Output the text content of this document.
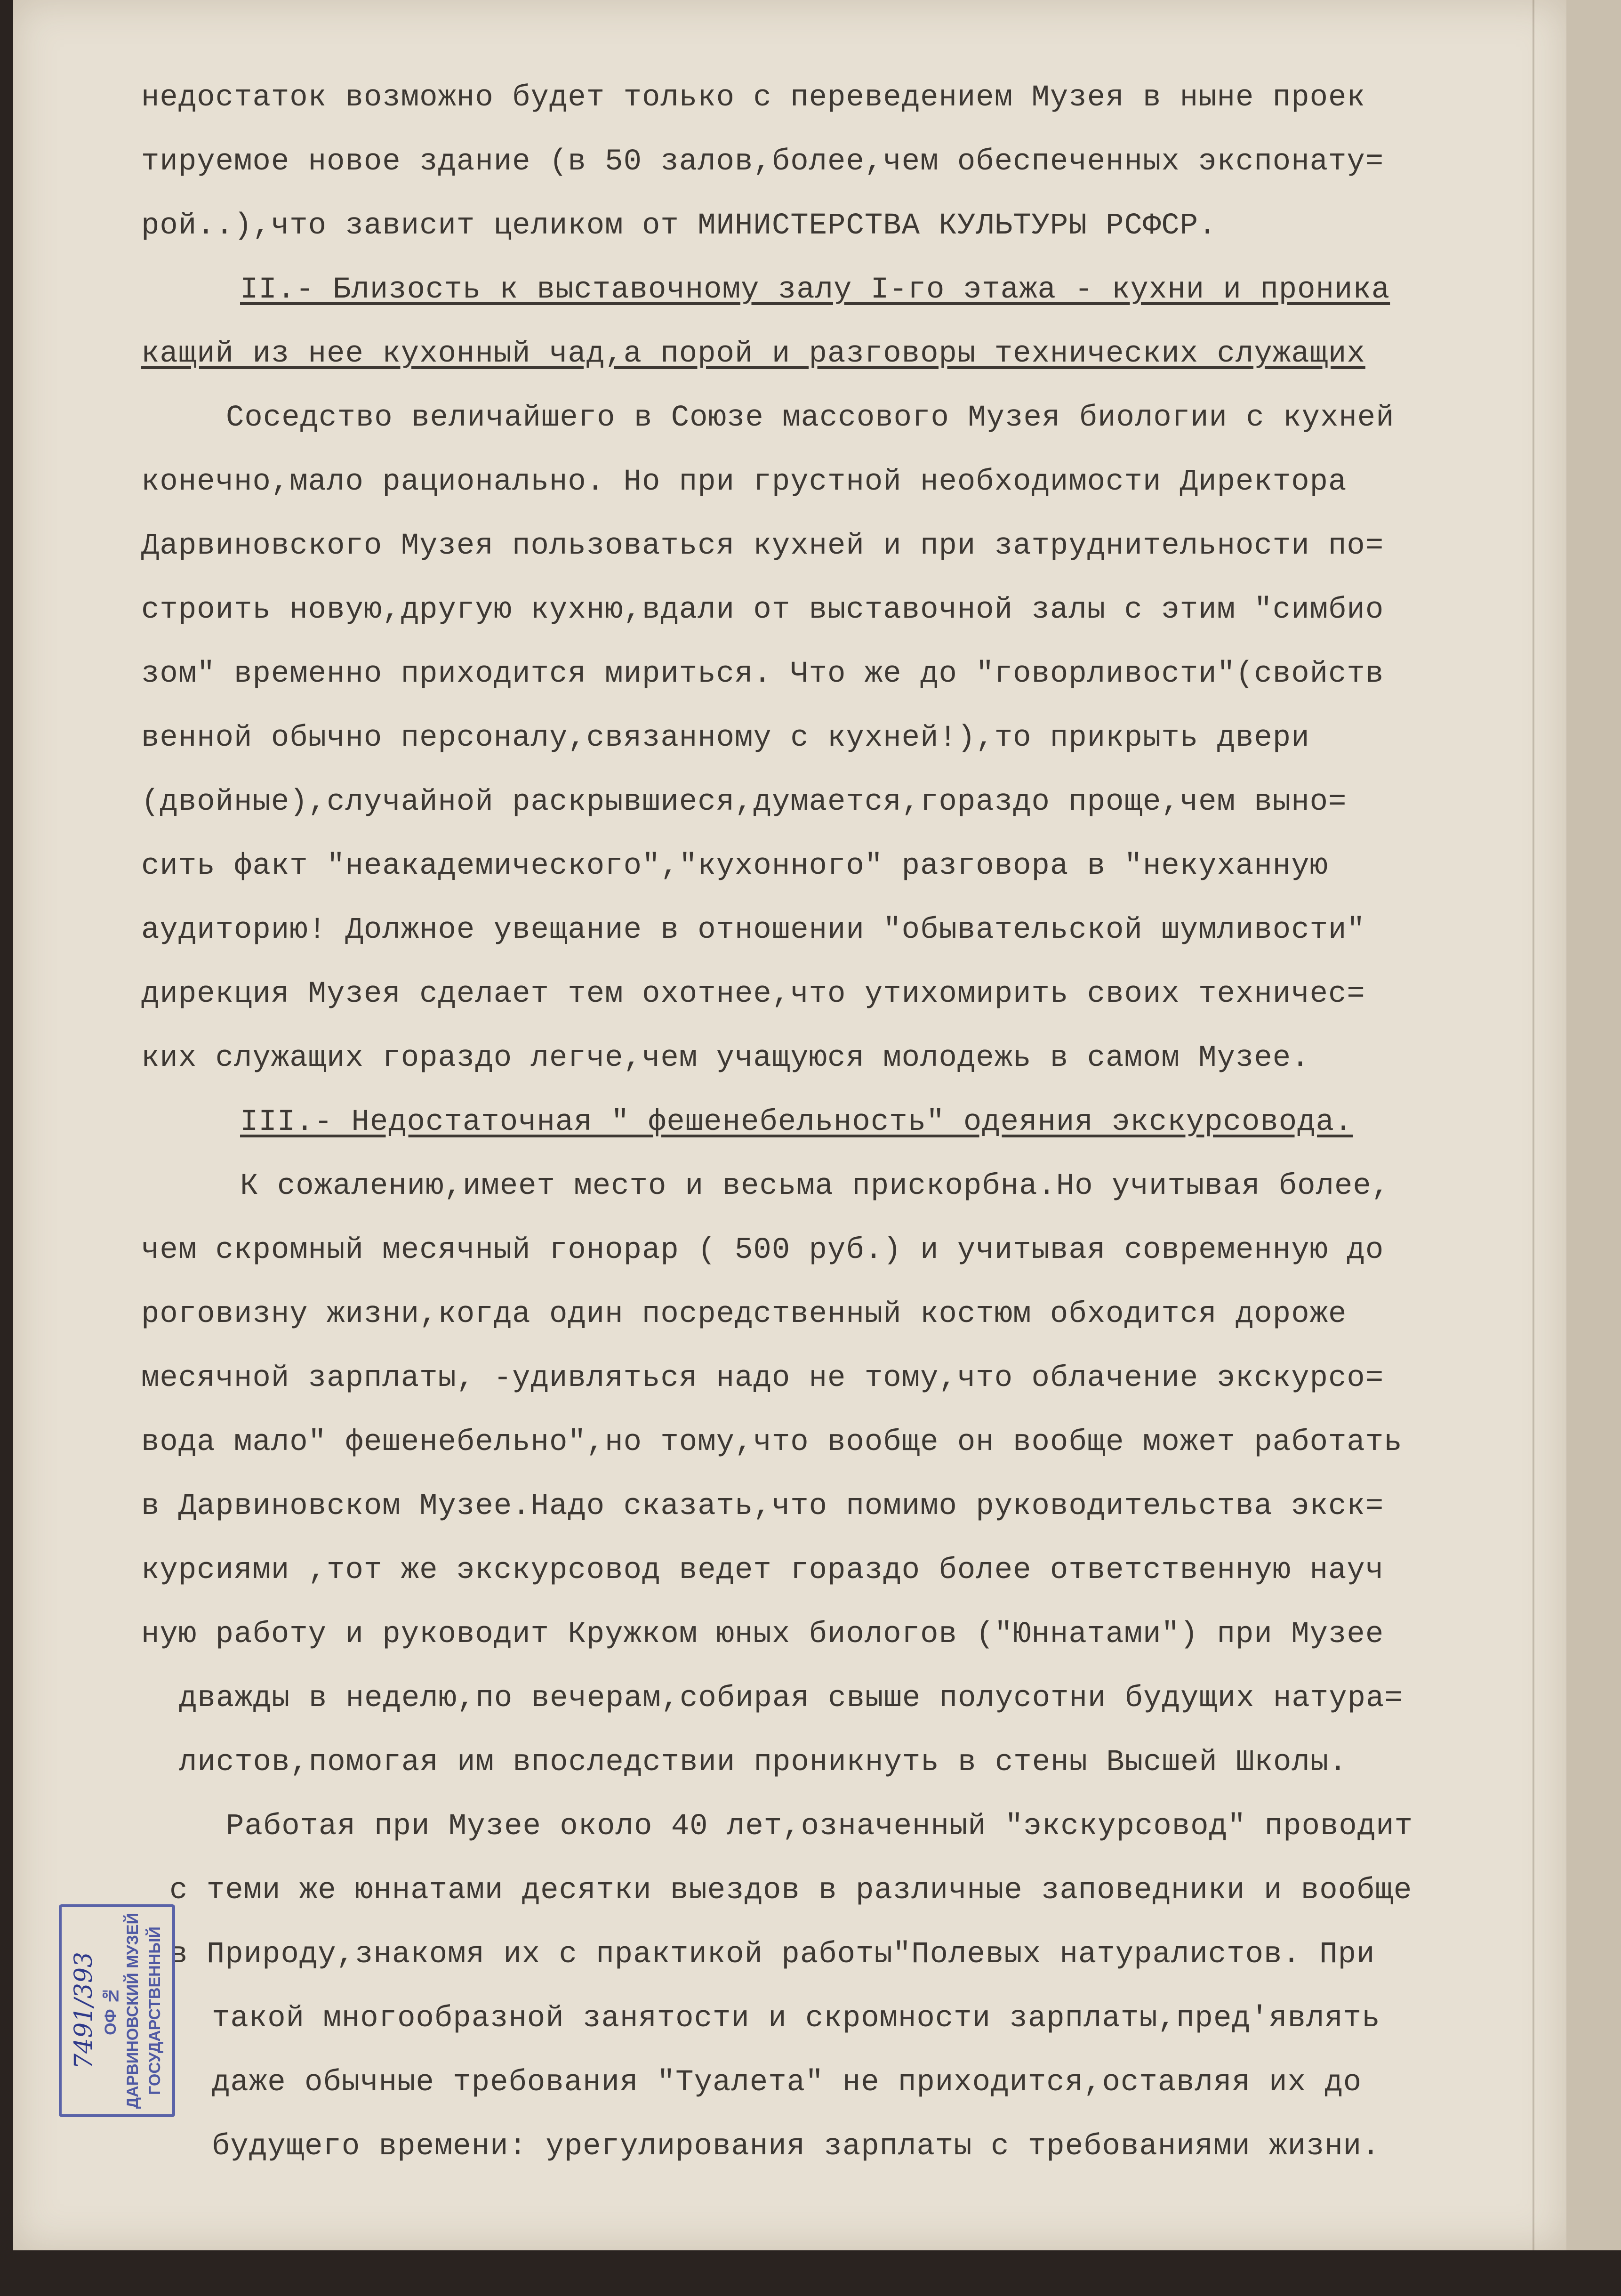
недостаток возможно будет только с переведением Музея в ныне проек
тируемое новое здание (в 50 залов,более,чем обеспеченных экспонату=
рой..),что зависит целиком от МИНИСТЕРСТВА КУЛЬТУРЫ РСФСР.
II.- Близость к выставочному залу I-го этажа - кухни и проника
кащий из нее кухонный чад,а порой и разговоры технических служащих
Соседство величайшего в Союзе массового Музея биологии с кухней
конечно,мало рационально. Но при грустной необходимости Директора
Дарвиновского Музея пользоваться кухней и при затруднительности по=
строить новую,другую кухню,вдали от выставочной залы с этим "симбио
зом" временно приходится мириться. Что же до "говорливости"(свойств
венной обычно персоналу,связанному с кухней!),то прикрыть двери
(двойные),случайной раскрывшиеся,думается,гораздо проще,чем выно=
сить факт "неакадемического","кухонного" разговора в "некуханную
аудиторию! Должное увещание в отношении "обывательской шумливости"
дирекция Музея сделает тем охотнее,что утихомирить своих техничес=
ких служащих гораздо легче,чем учащуюся молодежь в самом Музее.
III.- Недостаточная " фешенебельность" одеяния экскурсовода.
К сожалению,имеет место и весьма прискорбна.Но учитывая более,
чем скромный месячный гонорар ( 500 руб.) и учитывая современную до
роговизну жизни,когда один посредственный костюм обходится дороже
месячной зарплаты, -удивляться надо не тому,что облачение экскурсо=
вода мало" фешенебельно",но тому,что вообще он вообще может работать
в Дарвиновском Музее.Надо сказать,что помимо руководительства экск=
курсиями ,тот же экскурсовод ведет гораздо более ответственную науч
ную работу и руководит Кружком юных биологов ("Юннатами") при Музее
дважды в неделю,по вечерам,собирая свыше полусотни будущих натура=
листов,помогая им впоследствии проникнуть в стены Высшей Школы.
Работая при Музее около 40 лет,означенный "экскурсовод" проводит
с теми же юннатами десятки выездов в различные заповедники и вообще
в Природу,знакомя их с практикой работы"Полевых натуралистов. При
такой многообразной занятости и скромности зарплаты,пред'являть
даже обычные требования "Туалета" не приходится,оставляя их до
будущего времени: урегулирования зарплаты с требованиями жизни.
ГОСУДАРСТВЕННЫЙ
ДАРВИНОВСКИЙ МУЗЕЙ
ОФ №
7491/393
